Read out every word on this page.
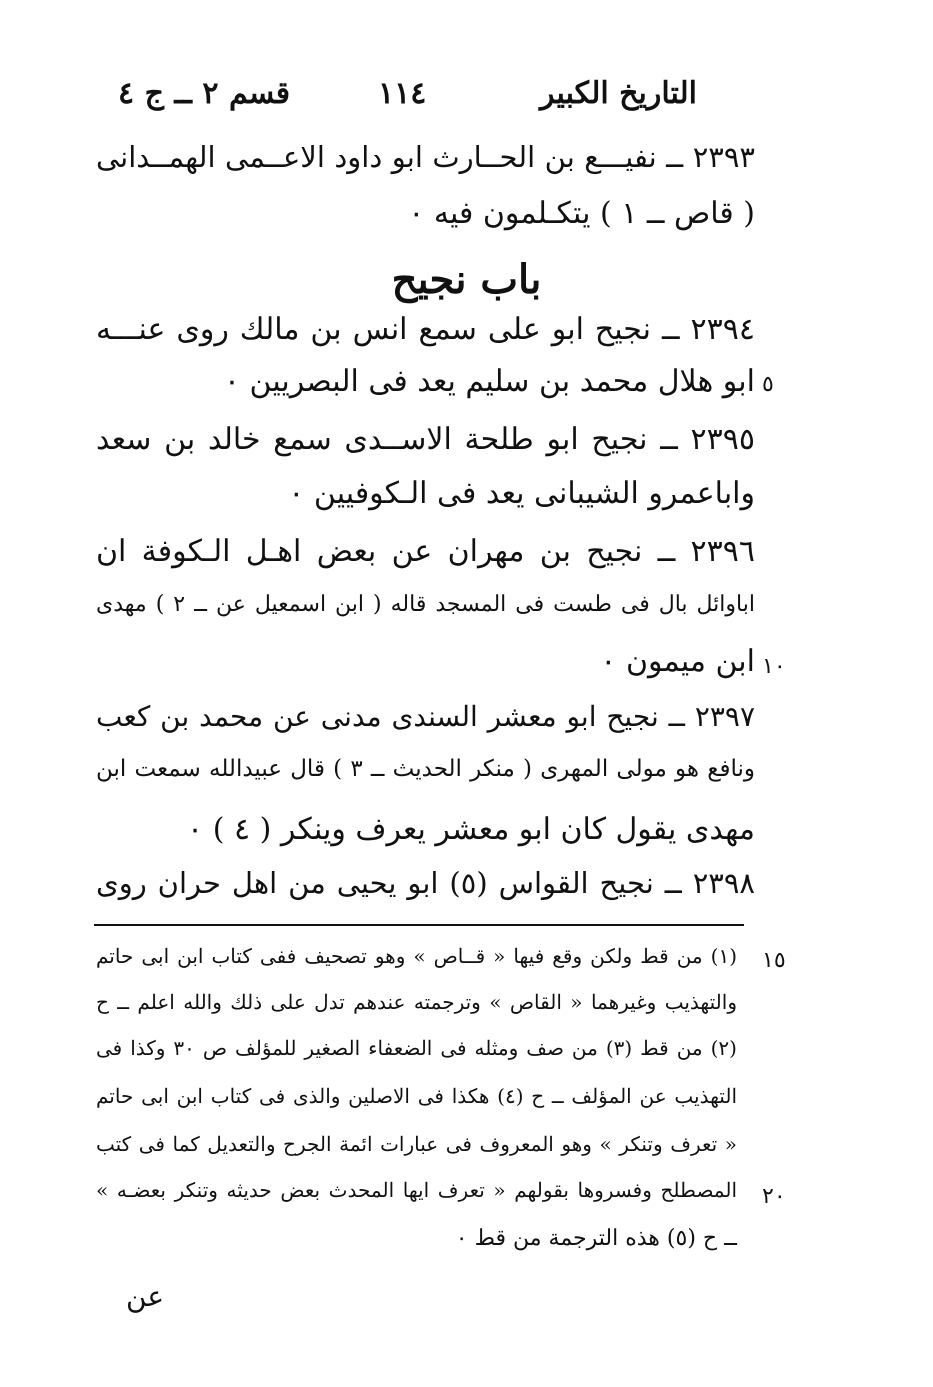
التاريخ الكبير
١١٤
قسم ٢ ــ ج ٤
٢٣٩٣ ــ نفيـــع بن الحــارث ابو داود الاعــمى الهمــدانى
( قاص ــ ١ ) يتكـلمون فيه ٠
باب نجيح
٢٣٩٤ ــ نجيح ابو على سمع انس بن مالك روى عنـــه
ابو هلال محمد بن سليم يعد فى البصريين ٠ ٥
٢٣٩٥ ــ نجيح ابو طلحة الاســدى سمع خالد بن سعد
واباعمرو الشيبانى يعد فى الـكوفيين ٠
٢٣٩٦ ــ نجيح بن مهران عن بعض اهـل الـكوفة ان
اباوائل بال فى طست فى المسجد قاله ( ابن اسمعيل عن ــ ٢ ) مهدى
ابن ميمون ٠ ١٠
٢٣٩٧ ــ نجيح ابو معشر السندى مدنى عن محمد بن كعب
ونافع هو مولى المهرى ( منكر الحديث ــ ٣ ) قال عبيدالله سمعت ابن
مهدى يقول كان ابو معشر يعرف وينكر ( ٤ ) ٠
٢٣٩٨ ــ نجيح القواس (٥) ابو يحيى من اهل حران روى
١٥
(١) من قط ولكن وقع فيها « قــاص » وهو تصحيف ففى كتاب ابن ابى حاتم
والتهذيب وغيرهما « القاص » وترجمته عندهم تدل على ذلك والله اعلم ــ ح
(٢) من قط (٣) من صف ومثله فى الضعفاء الصغير للمؤلف ص ٣٠ وكذا فى
التهذيب عن المؤلف ــ ح (٤) هكذا فى الاصلين والذى فى كتاب ابن ابى حاتم
« تعرف وتنكر » وهو المعروف فى عبارات ائمة الجرح والتعديل كما فى كتب
٢٠
المصطلح وفسروها بقولهم « تعرف ايها المحدث بعض حديثه وتنكر بعضـه »
ــ ح (٥) هذه الترجمة من قط ٠
عن
